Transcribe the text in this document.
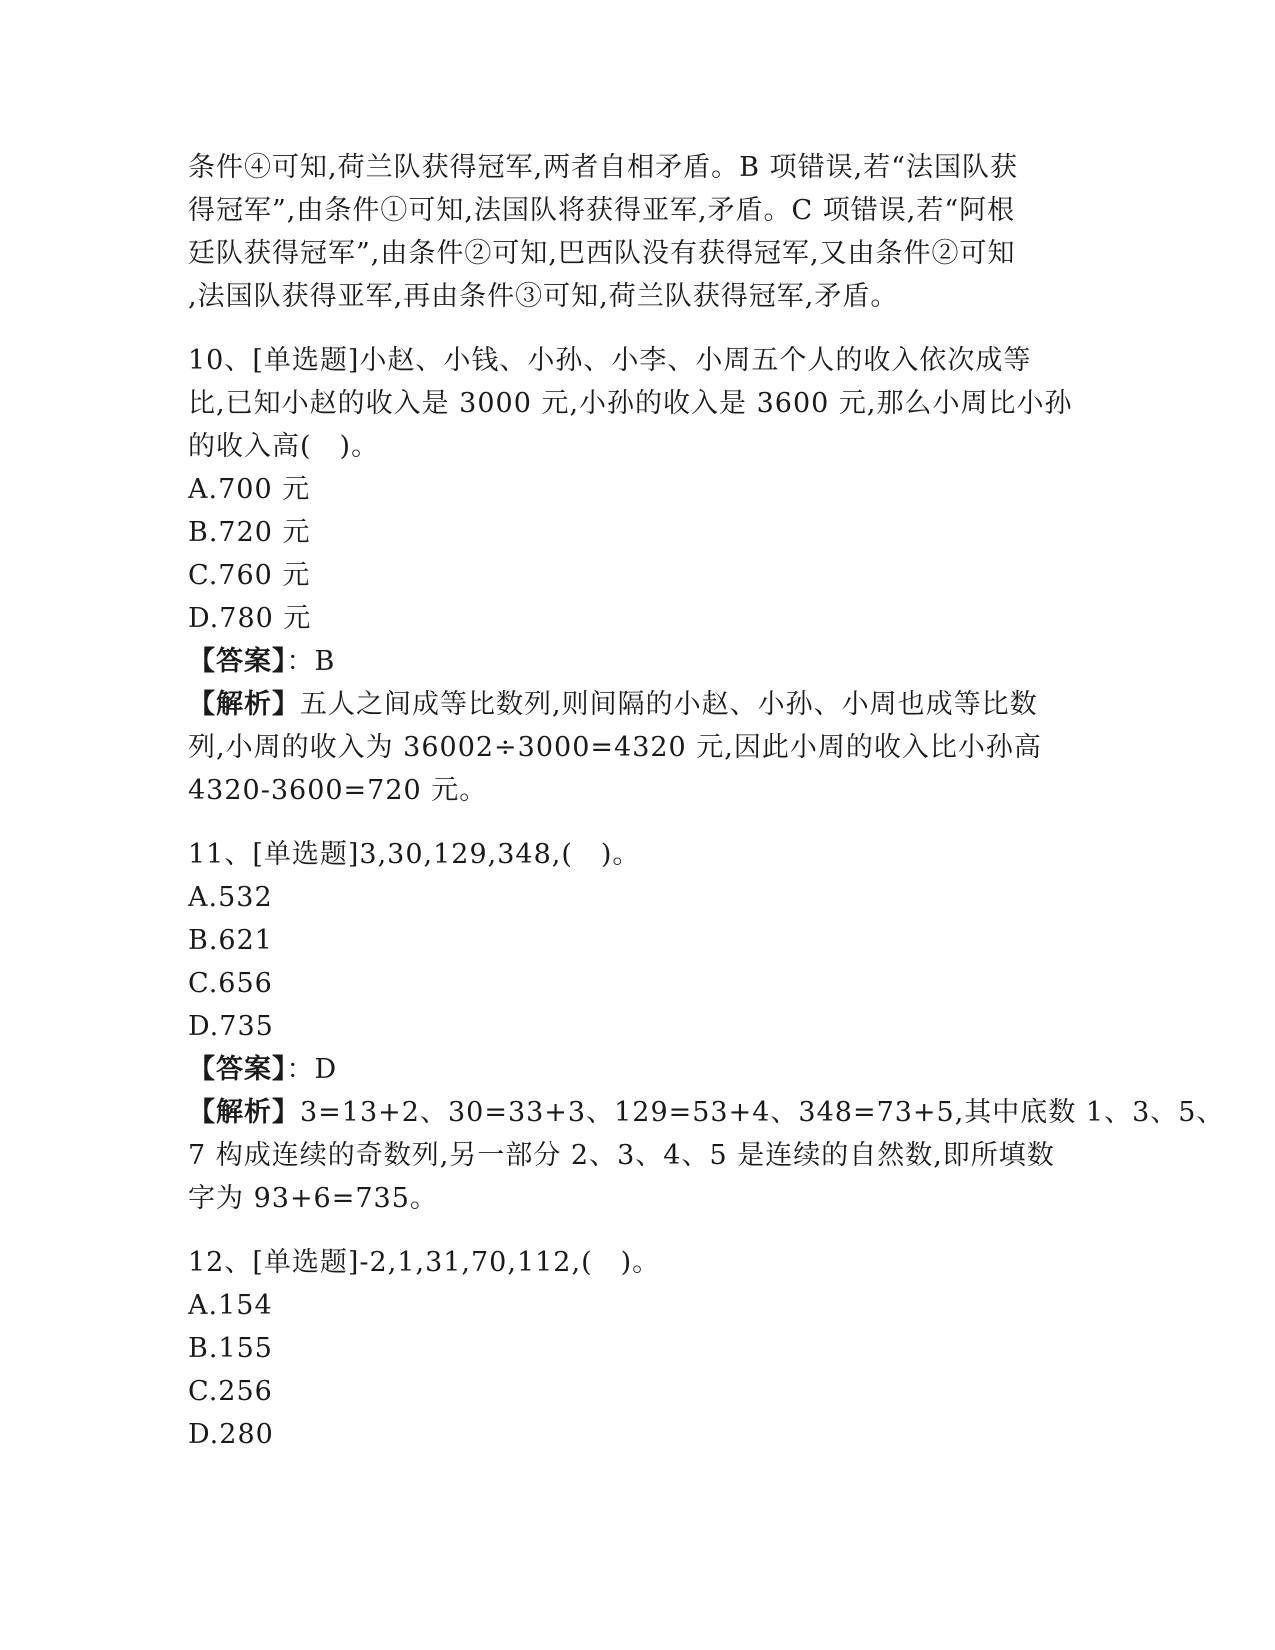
条件④可知,荷兰队获得冠军,两者自相矛盾。B 项错误,若“法国队获
得冠军”,由条件①可知,法国队将获得亚军,矛盾。C 项错误,若“阿根
廷队获得冠军”,由条件②可知,巴西队没有获得冠军,又由条件②可知
,法国队获得亚军,再由条件③可知,荷兰队获得冠军,矛盾。
10、[单选题]小赵、小钱、小孙、小李、小周五个人的收入依次成等
比,已知小赵的收入是 3000 元,小孙的收入是 3600 元,那么小周比小孙
的收入高(　)。
A.700 元
B.720 元
C.760 元
D.780 元
【答案】：B
【解析】五人之间成等比数列,则间隔的小赵、小孙、小周也成等比数
列,小周的收入为 36002÷3000=4320 元,因此小周的收入比小孙高
4320-3600=720 元。
11、[单选题]3,30,129,348,(　)。
A.532
B.621
C.656
D.735
【答案】：D
【解析】3=13+2、30=33+3、129=53+4、348=73+5,其中底数 1、3、5、
7 构成连续的奇数列,另一部分 2、3、4、5 是连续的自然数,即所填数
字为 93+6=735。
12、[单选题]-2,1,31,70,112,(　)。
A.154
B.155
C.256
D.280
